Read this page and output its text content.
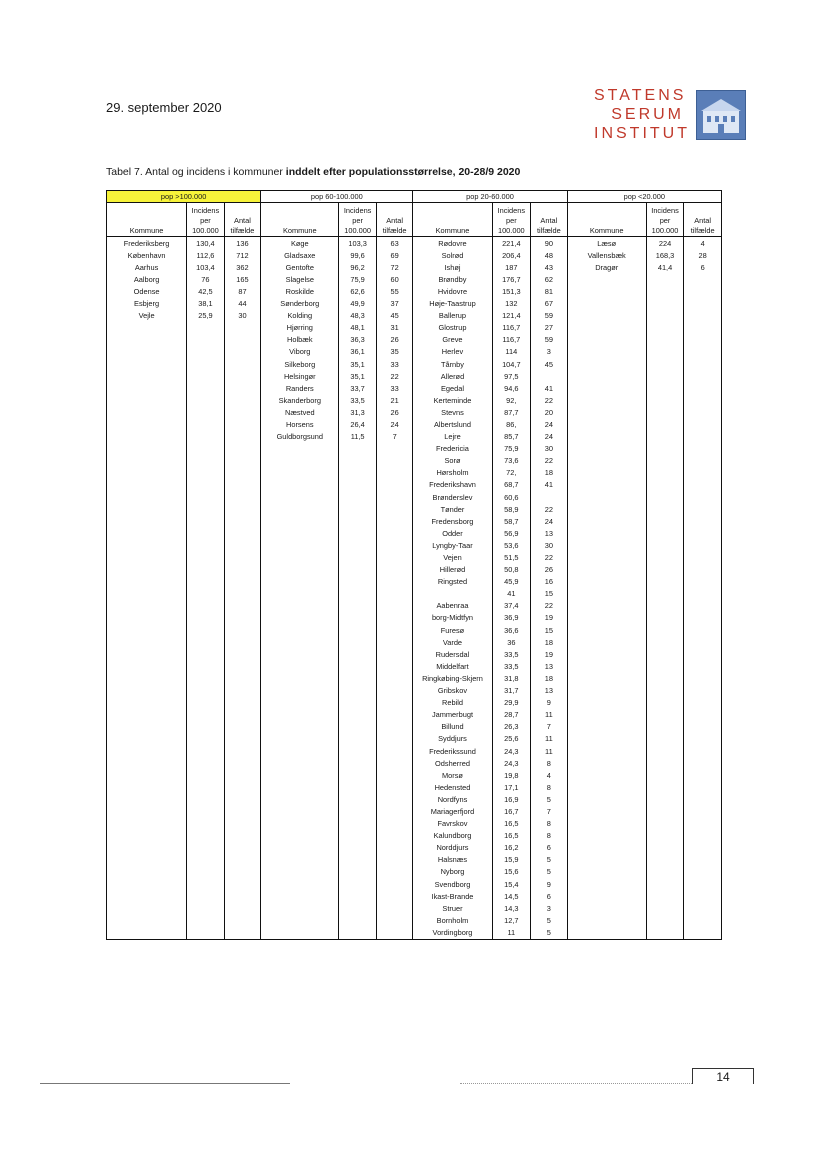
29. september 2020
STATENS
SERUM
INSTITUT
Tabel 7. Antal og incidens i kommuner inddelt efter populationsstørrelse, 20-28/9 2020
pop >100.000			pop 60-100.000			pop 20-60.000			pop <20.000		
Kommune	Incidens per 100.000	Antal tilfælde	Kommune	Incidens per 100.000	Antal tilfælde	Kommune	Incidens per 100.000	Antal tilfælde	Kommune	Incidens per 100.000	Antal tilfælde
Frederiksberg	130,4	136	Køge	103,3	63	Rødovre	221,4	90	Læsø	224	4
København	112,6	712	Gladsaxe	99,6	69	Solrød	206,4	48	Vallensbæk	168,3	28
Aarhus	103,4	362	Gentofte	96,2	72	Ishøj	187	43	Dragør	41,4	6
Aalborg	76	165	Slagelse	75,9	60	Brøndby	176,7	62			
Odense	42,5	87	Roskilde	62,6	55	Hvidovre	151,3	81			
Esbjerg	38,1	44	Sønderborg	49,9	37	Høje-Taastrup	132	67			
Vejle	25,9	30	Kolding	48,3	45	Ballerup	121,4	59			
			Hjørring	48,1	31	Glostrup	116,7	27			
			Holbæk	36,3	26	Greve	116,7	59			
			Viborg	36,1	35	Herlev	114	3			
			Silkeborg	35,1	33	Tårnby	104,7	45			
			Helsingør	35,1	22	Allerød	97,5				
			Randers	33,7	33	Egedal	94,6	41			
			Skanderborg	33,5	21	Kerteminde	92,	22			
			Næstved	31,3	26	Stevns	87,7	20			
			Horsens	26,4	24	Albertslund	86,	24			
			Guldborgsund	11,5	7	Lejre	85,7	24			
						Fredericia	75,9	30			
						Sorø	73,6	22			
						Hørsholm	72,	18			
						Frederikshavn	68,7	41			
						Brønderslev	60,6				
						Tønder	58,9	22			
						Fredensborg	58,7	24			
						Odder	56,9	13			
						Lyngby-Taar	53,6	30			
						Vejen	51,5	22			
						Hillerød	50,8	26			
						Ringsted	45,9	16			
							41	15			
						Aabenraa	37,4	22			
						borg-Midtfyn	36,9	19			
						Furesø	36,6	15			
						Varde	36	18			
						Rudersdal	33,5	19			
						Middelfart	33,5	13			
						Ringkøbing-Skjern	31,8	18			
						Gribskov	31,7	13			
						Rebild	29,9	9			
						Jammerbugt	28,7	11			
						Billund	26,3	7			
						Syddjurs	25,6	11			
						Frederikssund	24,3	11			
						Odsherred	24,3	8			
						Morsø	19,8	4			
						Hedensted	17,1	8			
						Nordfyns	16,9	5			
						Mariagerfjord	16,7	7			
						Favrskov	16,5	8			
						Kalundborg	16,5	8			
						Norddjurs	16,2	6			
						Halsnæs	15,9	5			
						Nyborg	15,6	5			
						Svendborg	15,4	9			
						Ikast-Brande	14,5	6			
						Struer	14,3	3			
						Bornholm	12,7	5			
						Vordingborg	11	5			
14
